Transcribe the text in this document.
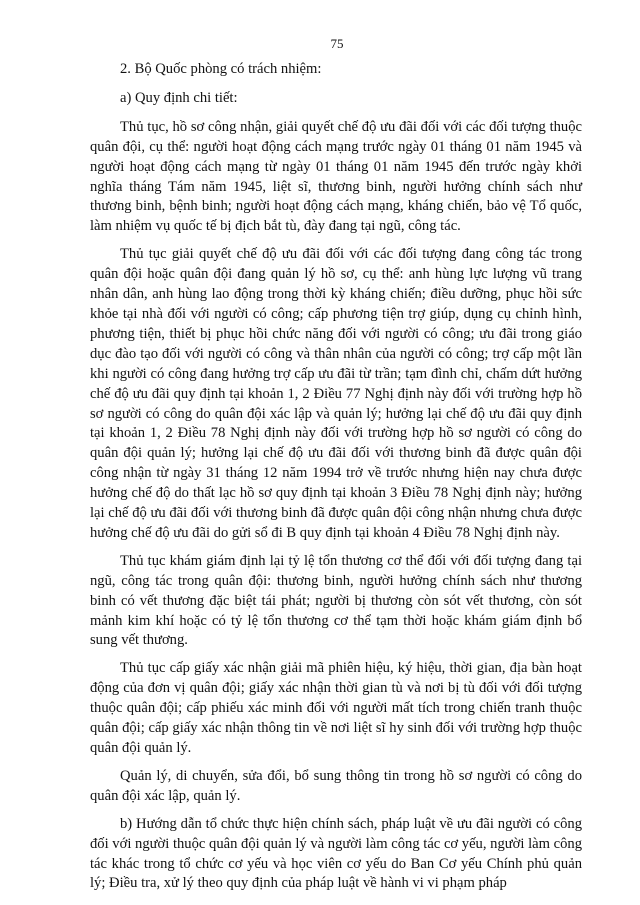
75

2. Bộ Quốc phòng có trách nhiệm:

a) Quy định chi tiết:

Thủ tục, hồ sơ công nhận, giải quyết chế độ ưu đãi đối với các đối tượng thuộc quân đội, cụ thể: người hoạt động cách mạng trước ngày 01 tháng 01 năm 1945 và người hoạt động cách mạng từ ngày 01 tháng 01 năm 1945 đến trước ngày khởi nghĩa tháng Tám năm 1945, liệt sĩ, thương binh, người hưởng chính sách như thương binh, bệnh binh; người hoạt động cách mạng, kháng chiến, bảo vệ Tổ quốc, làm nhiệm vụ quốc tế bị địch bắt tù, đày đang tại ngũ, công tác.

Thủ tục giải quyết chế độ ưu đãi đối với các đối tượng đang công tác trong quân đội hoặc quân đội đang quản lý hồ sơ, cụ thể: anh hùng lực lượng vũ trang nhân dân, anh hùng lao động trong thời kỳ kháng chiến; điều dưỡng, phục hồi sức khỏe tại nhà đối với người có công; cấp phương tiện trợ giúp, dụng cụ chỉnh hình, phương tiện, thiết bị phục hồi chức năng đối với người có công; ưu đãi trong giáo dục đào tạo đối với người có công và thân nhân của người có công; trợ cấp một lần khi người có công đang hưởng trợ cấp ưu đãi từ trần; tạm đình chỉ, chấm dứt hưởng chế độ ưu đãi quy định tại khoản 1, 2 Điều 77 Nghị định này đối với trường hợp hồ sơ người có công do quân đội xác lập và quản lý; hưởng lại chế độ ưu đãi quy định tại khoản 1, 2 Điều 78 Nghị định này đối với trường hợp hồ sơ người có công do quân đội quản lý; hưởng lại chế độ ưu đãi đối với thương binh đã được quân đội công nhận từ ngày 31 tháng 12 năm 1994 trở về trước nhưng hiện nay chưa được hưởng chế độ do thất lạc hồ sơ quy định tại khoản 3 Điều 78 Nghị định này; hưởng lại chế độ ưu đãi đối với thương binh đã được quân đội công nhận nhưng chưa được hưởng chế độ ưu đãi do gửi sổ đi B quy định tại khoản 4 Điều 78 Nghị định này.

Thủ tục khám giám định lại tỷ lệ tổn thương cơ thể đối với đối tượng đang tại ngũ, công tác trong quân đội: thương binh, người hưởng chính sách như thương binh có vết thương đặc biệt tái phát; người bị thương còn sót vết thương, còn sót mảnh kim khí hoặc có tỷ lệ tổn thương cơ thể tạm thời hoặc khám giám định bổ sung vết thương.

Thủ tục cấp giấy xác nhận giải mã phiên hiệu, ký hiệu, thời gian, địa bàn hoạt động của đơn vị quân đội; giấy xác nhận thời gian tù và nơi bị tù đối với đối tượng thuộc quân đội; cấp phiếu xác minh đối với người mất tích trong chiến tranh thuộc quân đội; cấp giấy xác nhận thông tin về nơi liệt sĩ hy sinh đối với trường hợp thuộc quân đội quản lý.

Quản lý, di chuyển, sửa đổi, bổ sung thông tin trong hồ sơ người có công do quân đội xác lập, quản lý.

b) Hướng dẫn tổ chức thực hiện chính sách, pháp luật về ưu đãi người có công đối với người thuộc quân đội quản lý và người làm công tác cơ yếu, người làm công tác khác trong tổ chức cơ yếu và học viên cơ yếu do Ban Cơ yếu Chính phủ quản lý; Điều tra, xử lý theo quy định của pháp luật về hành vi vi phạm pháp
